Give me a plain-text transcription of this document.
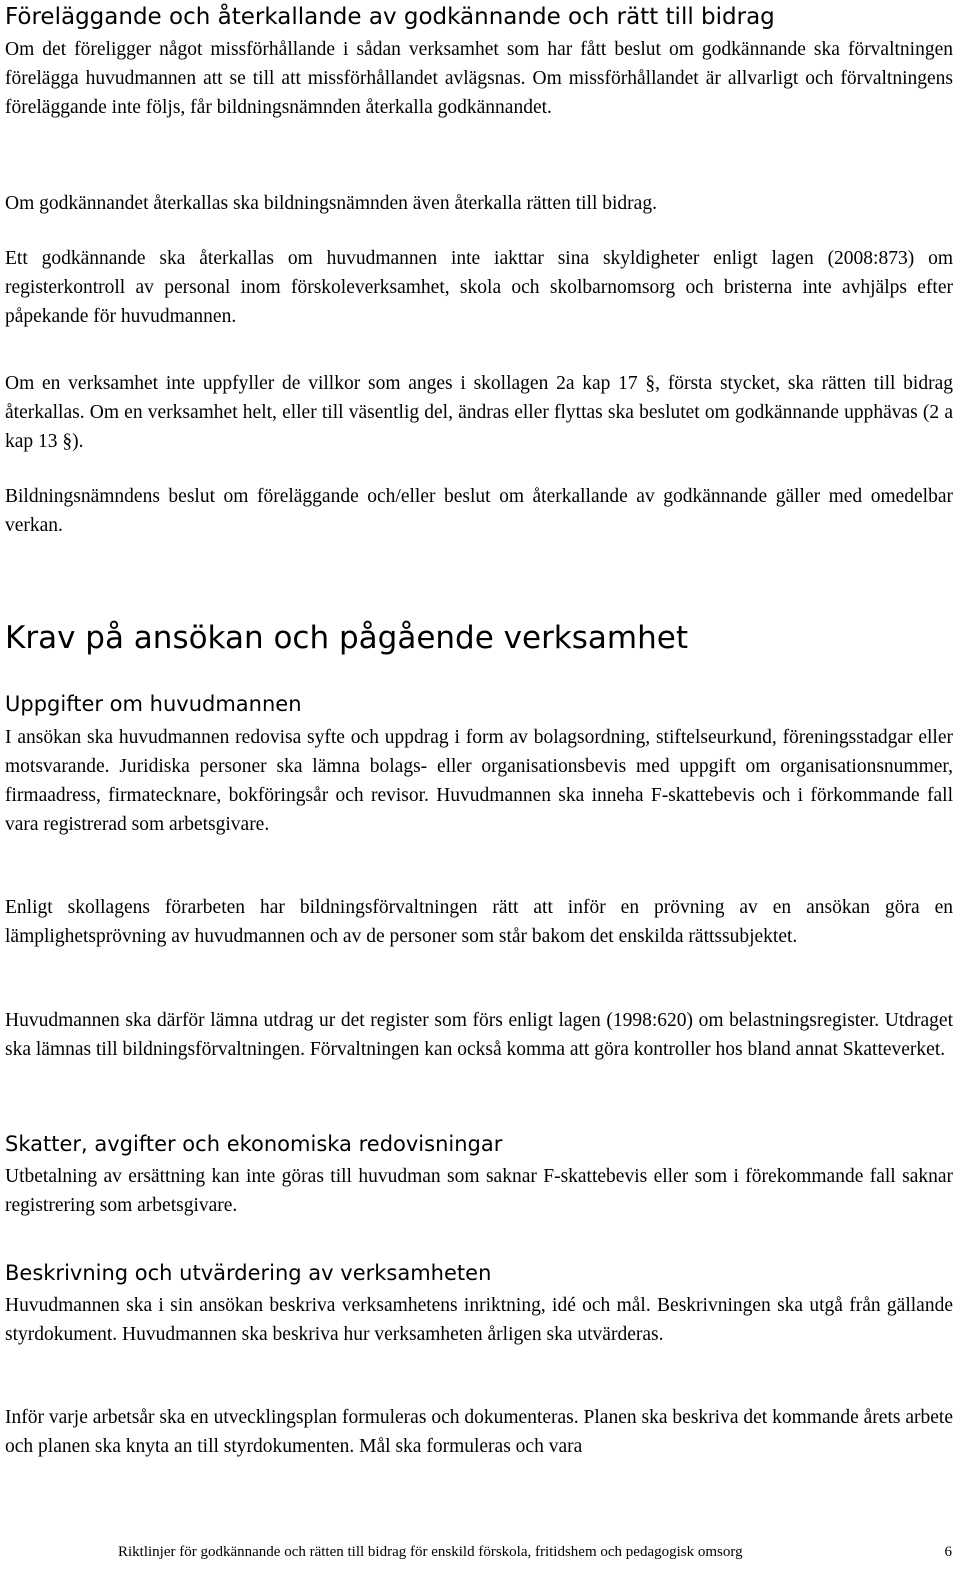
Föreläggande och återkallande av godkännande och rätt till bidrag

Om det föreligger något missförhållande i sådan verksamhet som har fått beslut om godkännande ska förvaltningen förelägga huvudmannen att se till att missförhållandet avlägsnas. Om missförhållandet är allvarligt och förvaltningens föreläggande inte följs, får bildningsnämnden återkalla godkännandet.

Om godkännandet återkallas ska bildningsnämnden även återkalla rätten till bidrag.

Ett godkännande ska återkallas om huvudmannen inte iakttar sina skyldigheter enligt lagen (2008:873) om registerkontroll av personal inom förskoleverksamhet, skola och skolbarnomsorg och bristerna inte avhjälps efter påpekande för huvudmannen.

Om en verksamhet inte uppfyller de villkor som anges i skollagen 2a kap 17 §, första stycket, ska rätten till bidrag återkallas. Om en verksamhet helt, eller till väsentlig del, ändras eller flyttas ska beslutet om godkännande upphävas (2 a kap 13 §).

Bildningsnämndens beslut om föreläggande och/eller beslut om återkallande av godkännande gäller med omedelbar verkan.

Krav på ansökan och pågående verksamhet
Uppgifter om huvudmannen

I ansökan ska huvudmannen redovisa syfte och uppdrag i form av bolagsordning, stiftelseurkund, föreningsstadgar eller motsvarande. Juridiska personer ska lämna bolags- eller organisationsbevis med uppgift om organisationsnummer, firmaadress, firmatecknare, bokföringsår och revisor. Huvudmannen ska inneha F-skattebevis och i förkommande fall vara registrerad som arbetsgivare.

Enligt skollagens förarbeten har bildningsförvaltningen rätt att inför en prövning av en ansökan göra en lämplighetsprövning av huvudmannen och av de personer som står bakom det enskilda rättssubjektet.

Huvudmannen ska därför lämna utdrag ur det register som förs enligt lagen (1998:620) om belastningsregister. Utdraget ska lämnas till bildningsförvaltningen. Förvaltningen kan också komma att göra kontroller hos bland annat Skatteverket.

Skatter, avgifter och ekonomiska redovisningar

Utbetalning av ersättning kan inte göras till huvudman som saknar F-skattebevis eller som i förekommande fall saknar registrering som arbetsgivare.

Beskrivning och utvärdering av verksamheten

Huvudmannen ska i sin ansökan beskriva verksamhetens inriktning, idé och mål. Beskrivningen ska utgå från gällande styrdokument. Huvudmannen ska beskriva hur verksamheten årligen ska utvärderas.

Inför varje arbetsår ska en utvecklingsplan formuleras och dokumenteras. Planen ska beskriva det kommande årets arbete och planen ska knyta an till styrdokumenten. Mål ska formuleras och vara

Riktlinjer för godkännande och rätten till bidrag för enskild förskola, fritidshem och pedagogisk omsorg	6
